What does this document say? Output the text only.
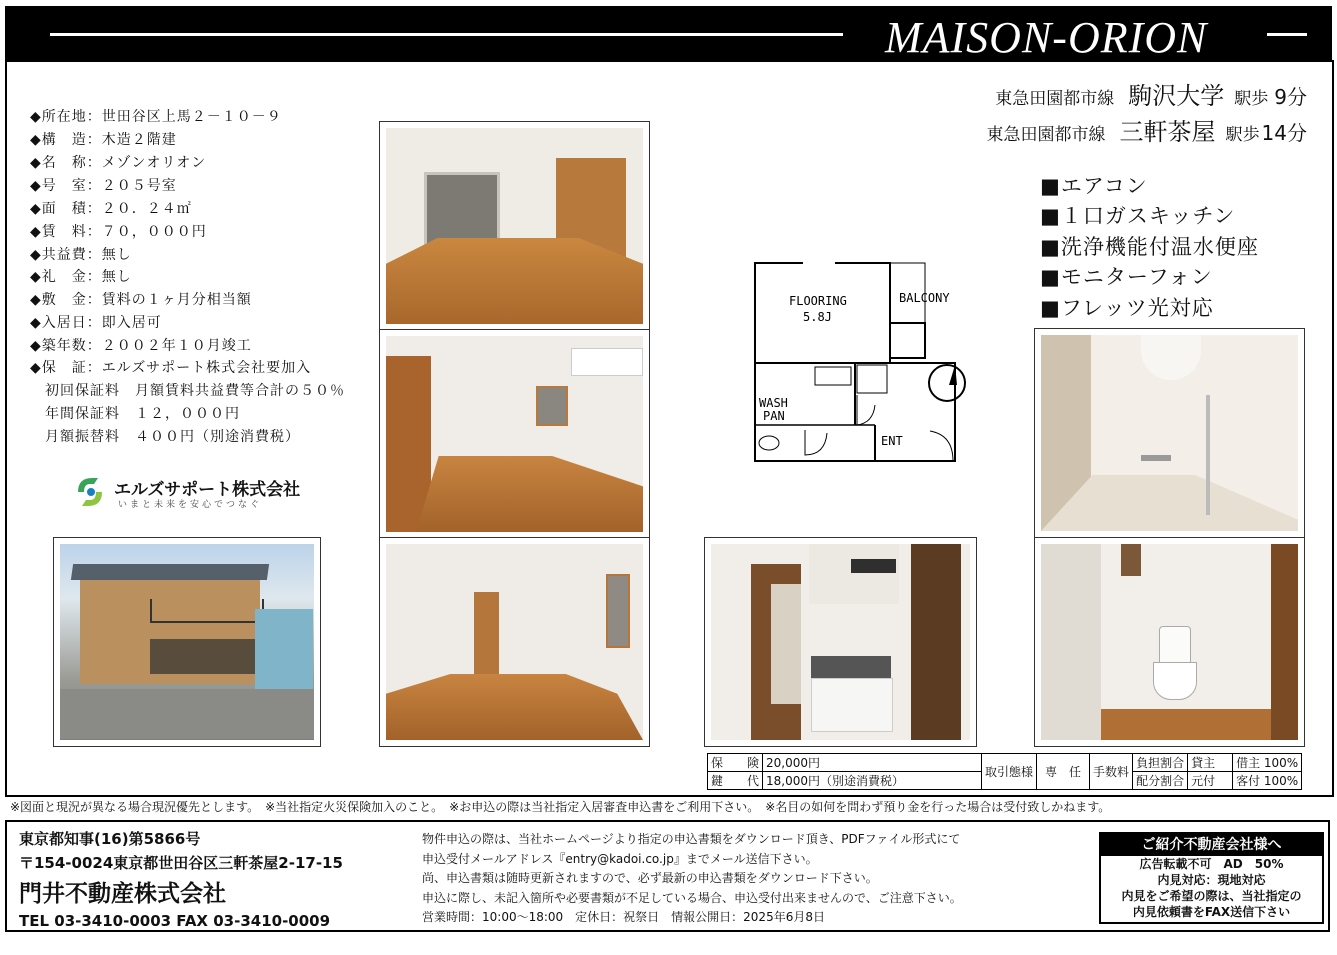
MAISON-ORION
◆所在地：世田谷区上馬２－１０－９
◆構　造：木造２階建
◆名　称：メゾンオリオン
◆号　室：２０５号室
◆面　積：２０．２４㎡
◆賃　料：７０，０００円
◆共益費：無し
◆礼　金：無し
◆敷　金：賃料の１ヶ月分相当額
◆入居日：即入居可
◆築年数：２００２年１０月竣工
◆保　証：エルズサポート株式会社要加入
　初回保証料　月額賃料共益費等合計の５０％
　年間保証料　１２，０００円
　月額振替料　４００円（別途消費税）
エルズサポート株式会社
いまと未来を安心でつなぐ
東急田園都市線 駒沢大学 駅歩 9分
東急田園都市線 三軒茶屋 駅歩 14分
■エアコン
■１口ガスキッチン
■洗浄機能付温水便座
■モニターフォン
■フレッツ光対応
FLOORING
5.8J
BALCONY
WASH
PAN
ENT
保　　険	20,000円	取引態様	専　任	手数料	負担割合	貸主	借主 100%
鍵　　代	18,000円（別途消費税）				配分割合	元付	客付 100%
※図面と現況が異なる場合現況優先とします。　※当社指定火災保険加入のこと。　※お申込の際は当社指定入居審査申込書をご利用下さい。　※名目の如何を問わず預り金を行った場合は受付致しかねます。
東京都知事(16)第5866号
〒154-0024東京都世田谷区三軒茶屋2-17-15
門井不動産株式会社
TEL 03-3410-0003 FAX 03-3410-0009
物件申込の際は、当社ホームページより指定の申込書類をダウンロード頂き、PDFファイル形式にて
申込受付メールアドレス『entry@kadoi.co.jp』までメール送信下さい。
尚、申込書類は随時更新されますので、必ず最新の申込書類をダウンロード下さい。
申込に際し、未記入箇所や必要書類が不足している場合、申込受付出来ませんので、ご注意下さい。
営業時間：10:00～18:00　定休日：祝祭日　情報公開日：2025年6月8日
ご紹介不動産会社様へ
広告転載不可　AD　50%
内見対応：現地対応
内見をご希望の際は、当社指定の
内見依頼書をFAX送信下さい
